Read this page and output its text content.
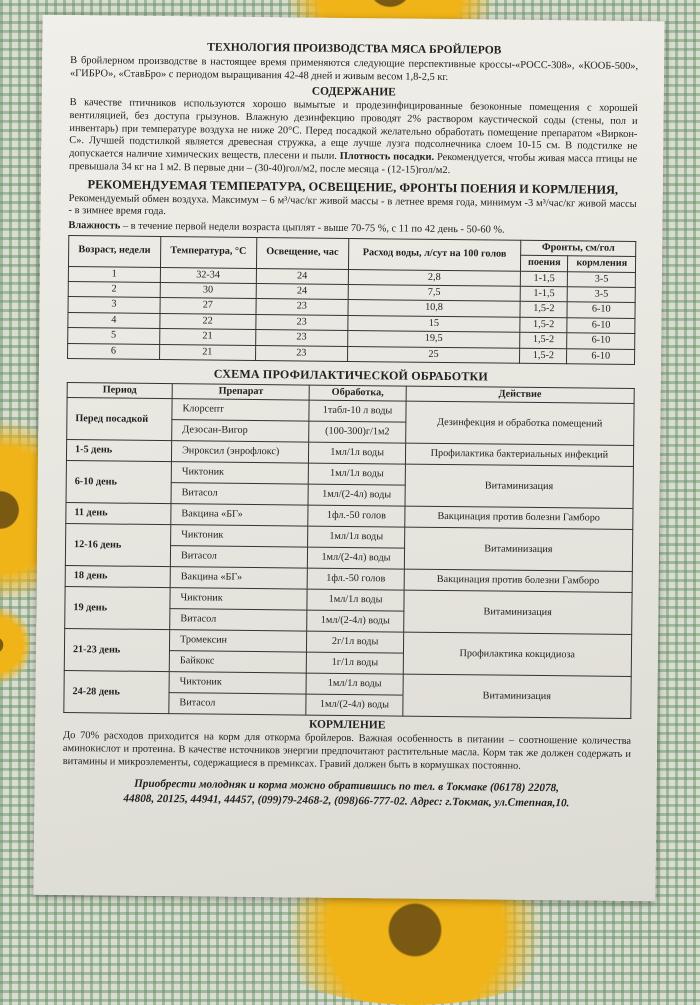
ТЕХНОЛОГИЯ ПРОИЗВОДСТВА МЯСА БРОЙЛЕРОВ

В бройлерном производстве в настоящее время применяются следующие перспективные кроссы-«РОСС-308», «КООБ-500», «ГИБРО», «СтавБро» с периодом выращивания 42-48 дней и живым весом 1,8-2,5 кг.

СОДЕРЖАНИЕ

В качестве птичников используются хорошо вымытые и продезинфицированные безоконные помещения с хорошей вентиляцией, без доступа грызунов. Влажную дезинфекцию проводят 2% раствором каустической соды (стены, пол и инвентарь) при температуре воздуха не ниже 20°С. Перед посадкой желательно обработать помещение препаратом «Виркон-С». Лучшей подстилкой является древесная стружка, а еще лучше лузга подсолнечника слоем 10-15 см. В подстилке не допускается наличие химических веществ, плесени и пыли. Плотность посадки. Рекомендуется, чтобы живая масса птицы не превышала 34 кг на 1 м2. В первые дни – (30-40)гол/м2, после месяца - (12-15)гол/м2.

РЕКОМЕНДУЕМАЯ ТЕМПЕРАТУРА, ОСВЕЩЕНИЕ, ФРОНТЫ ПОЕНИЯ И КОРМЛЕНИЯ,

Рекомендуемый обмен воздуха. Максимум – 6 м³/час/кг живой массы - в летнее время года, минимум -3 м³/час/кг живой массы - в зимнее время года.

Влажность – в течение первой недели возраста цыплят - выше 70-75 %, с 11 по 42 день - 50-60 %.

Возраст, недели	Температура, °С	Освещение, час	Расход воды, л/сут на 100 голов	Фронты, см/гол	
				поения	кормления
1	32-34	24	2,8	1-1,5	3-5
2	30	24	7,5	1-1,5	3-5
3	27	23	10,8	1,5-2	6-10
4	22	23	15	1,5-2	6-10
5	21	23	19,5	1,5-2	6-10
6	21	23	25	1,5-2	6-10
СХЕМА ПРОФИЛАКТИЧЕСКОЙ ОБРАБОТКИ
Период	Препарат	Обработка,	Действие
Перед посадкой	Клорсепт	1табл-10 л воды	Дезинфекция и обработка помещений
	Дезосан-Вигор	(100-300)г/1м2	
1-5 день	Энроксил (энрофлокс)	1мл/1л воды	Профилактика бактериальных инфекций
6-10 день	Чиктоник	1мл/1л воды	Витаминизация
	Витасол	1мл/(2-4л) воды	
11 день	Вакцина «БГ»	1фл.-50 голов	Вакцинация против болезни Гамборо
12-16 день	Чиктоник	1мл/1л воды	Витаминизация
	Витасол	1мл/(2-4л) воды	
18 день	Вакцина «БГ»	1фл.-50 голов	Вакцинация против болезни Гамборо
19 день	Чиктоник	1мл/1л воды	Витаминизация
	Витасол	1мл/(2-4л) воды	
21-23 день	Тромексин	2г/1л воды	Профилактика кокцидиоза
	Байкокс	1г/1л воды	
24-28 день	Чиктоник	1мл/1л воды	Витаминизация
	Витасол	1мл/(2-4л) воды	
КОРМЛЕНИЕ

До 70% расходов приходится на корм для откорма бройлеров. Важная особенность в питании – соотношение количества аминокислот и протеина. В качестве источников энергии предпочитают растительные масла. Корм так же должен содержать и витамины и микроэлементы, содержащиеся в премиксах. Гравий должен быть в кормушках постоянно.

Приобрести молодняк и корма можно обратившись по тел. в Токмаке (06178) 22078,
44808, 20125, 44941, 44457, (099)79-2468-2, (098)66-777-02. Адрес: г.Токмак, ул.Степная,10.
